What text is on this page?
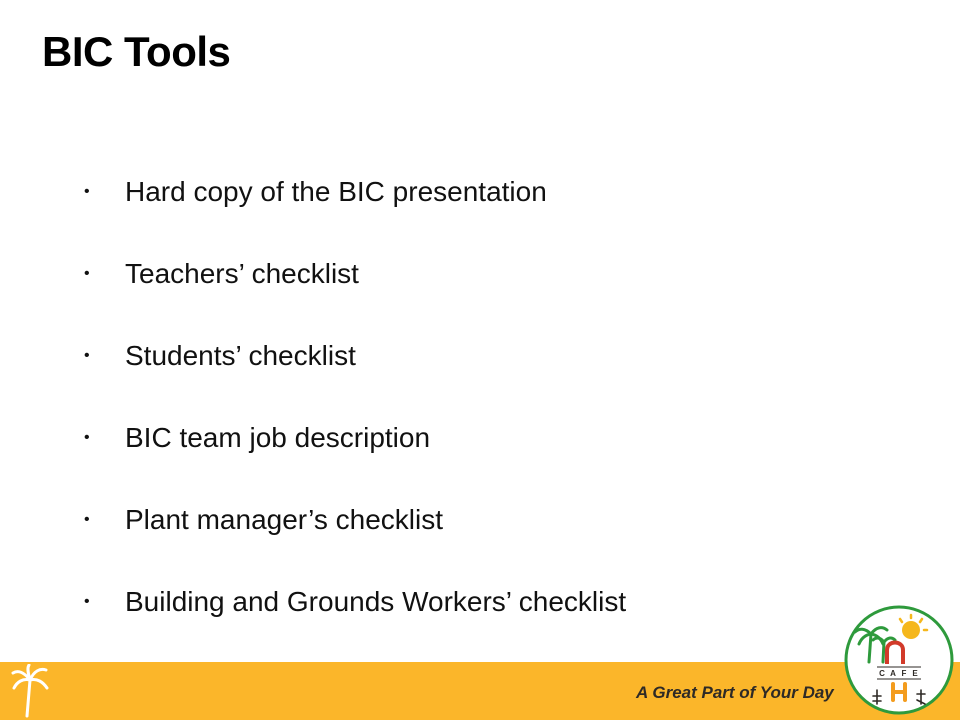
BIC Tools
• Hard copy of the BIC presentation
• Teachers’ checklist
• Students’ checklist
• BIC team job description
• Plant manager’s checklist
• Building and Grounds Workers’ checklist
A Great Part of Your Day
C A F E
